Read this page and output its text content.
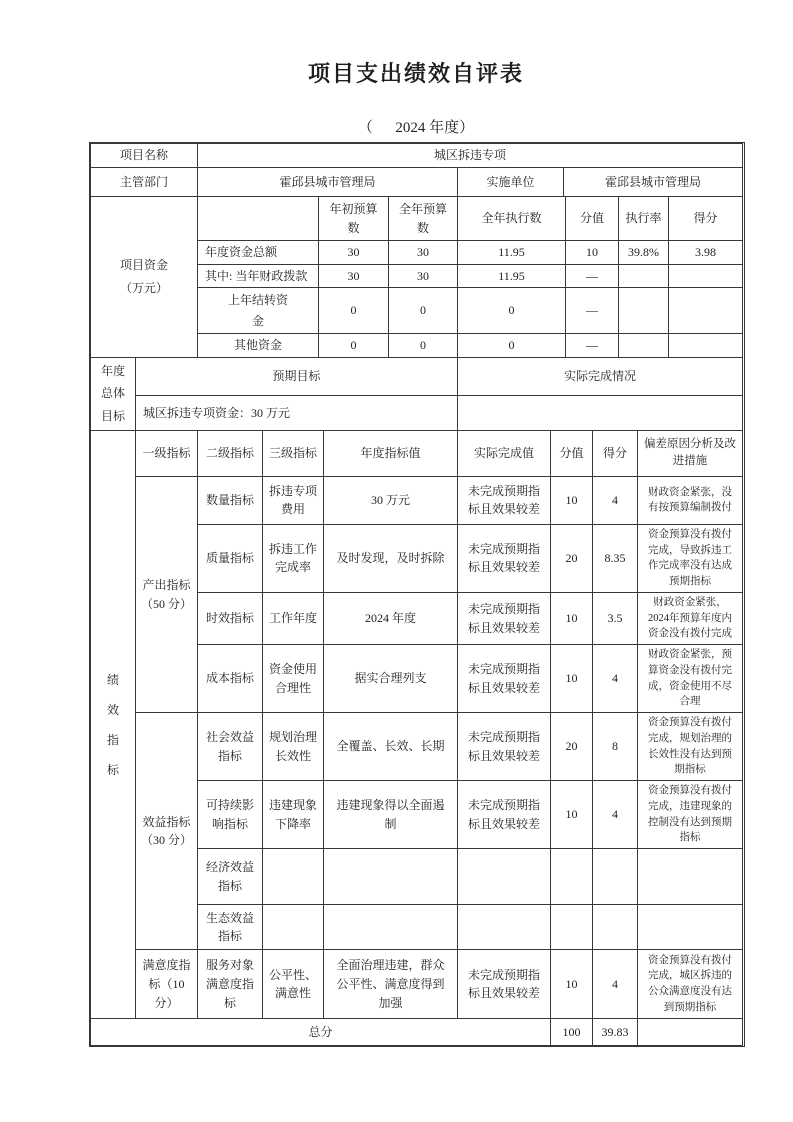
项目支出绩效自评表
（      2024 年度）
项目名称	城区拆违专项		
主管部门	霍邱县城市管理局	实施单位	霍邱县城市管理局
项目资金（万元）		年初预算数	全年预算数	全年执行数	分值	执行率	得分
	年度资金总额	30	30	11.95	10	39.8%	3.98
	其中: 当年财政拨款	30	30	11.95	—		
	上年结转资金	0	0	0	—		
	其他资金	0	0	0	—		
年度总体目标	预期目标	实际完成情况
	城区拆违专项资金：30 万元	
绩效指标	一级指标	二级指标	三级指标	年度指标值	实际完成值	分值	得分	偏差原因分析及改进措施
	产出指标（50 分）	数量指标	拆违专项费用	30 万元	未完成预期指标且效果较差	10	4	财政资金紧张，没有按预算编制拨付
		质量指标	拆违工作完成率	及时发现，及时拆除	未完成预期指标且效果较差	20	8.35	资金预算没有拨付完成，导致拆违工作完成率没有达成预期指标
		时效指标	工作年度	2024 年度	未完成预期指标且效果较差	10	3.5	财政资金紧张，2024年预算年度内资金没有拨付完成
		成本指标	资金使用合理性	据实合理列支	未完成预期指标且效果较差	10	4	财政资金紧张，预算资金没有拨付完成，资金使用不尽合理
	效益指标（30 分）	社会效益指标	规划治理长效性	全覆盖、长效、长期	未完成预期指标且效果较差	20	8	资金预算没有拨付完成，规划治理的长效性没有达到预期指标
		可持续影响指标	违建现象下降率	违建现象得以全面遏制	未完成预期指标且效果较差	10	4	资金预算没有拨付完成，违建现象的控制没有达到预期指标
		经济效益指标						
		生态效益指标						
	满意度指标（10 分）	服务对象满意度指标	公平性、满意性	全面治理违建，群众公平性、满意度得到加强	未完成预期指标且效果较差	10	4	资金预算没有拨付完成，城区拆违的公众满意度没有达到预期指标
总分						100	39.83	
